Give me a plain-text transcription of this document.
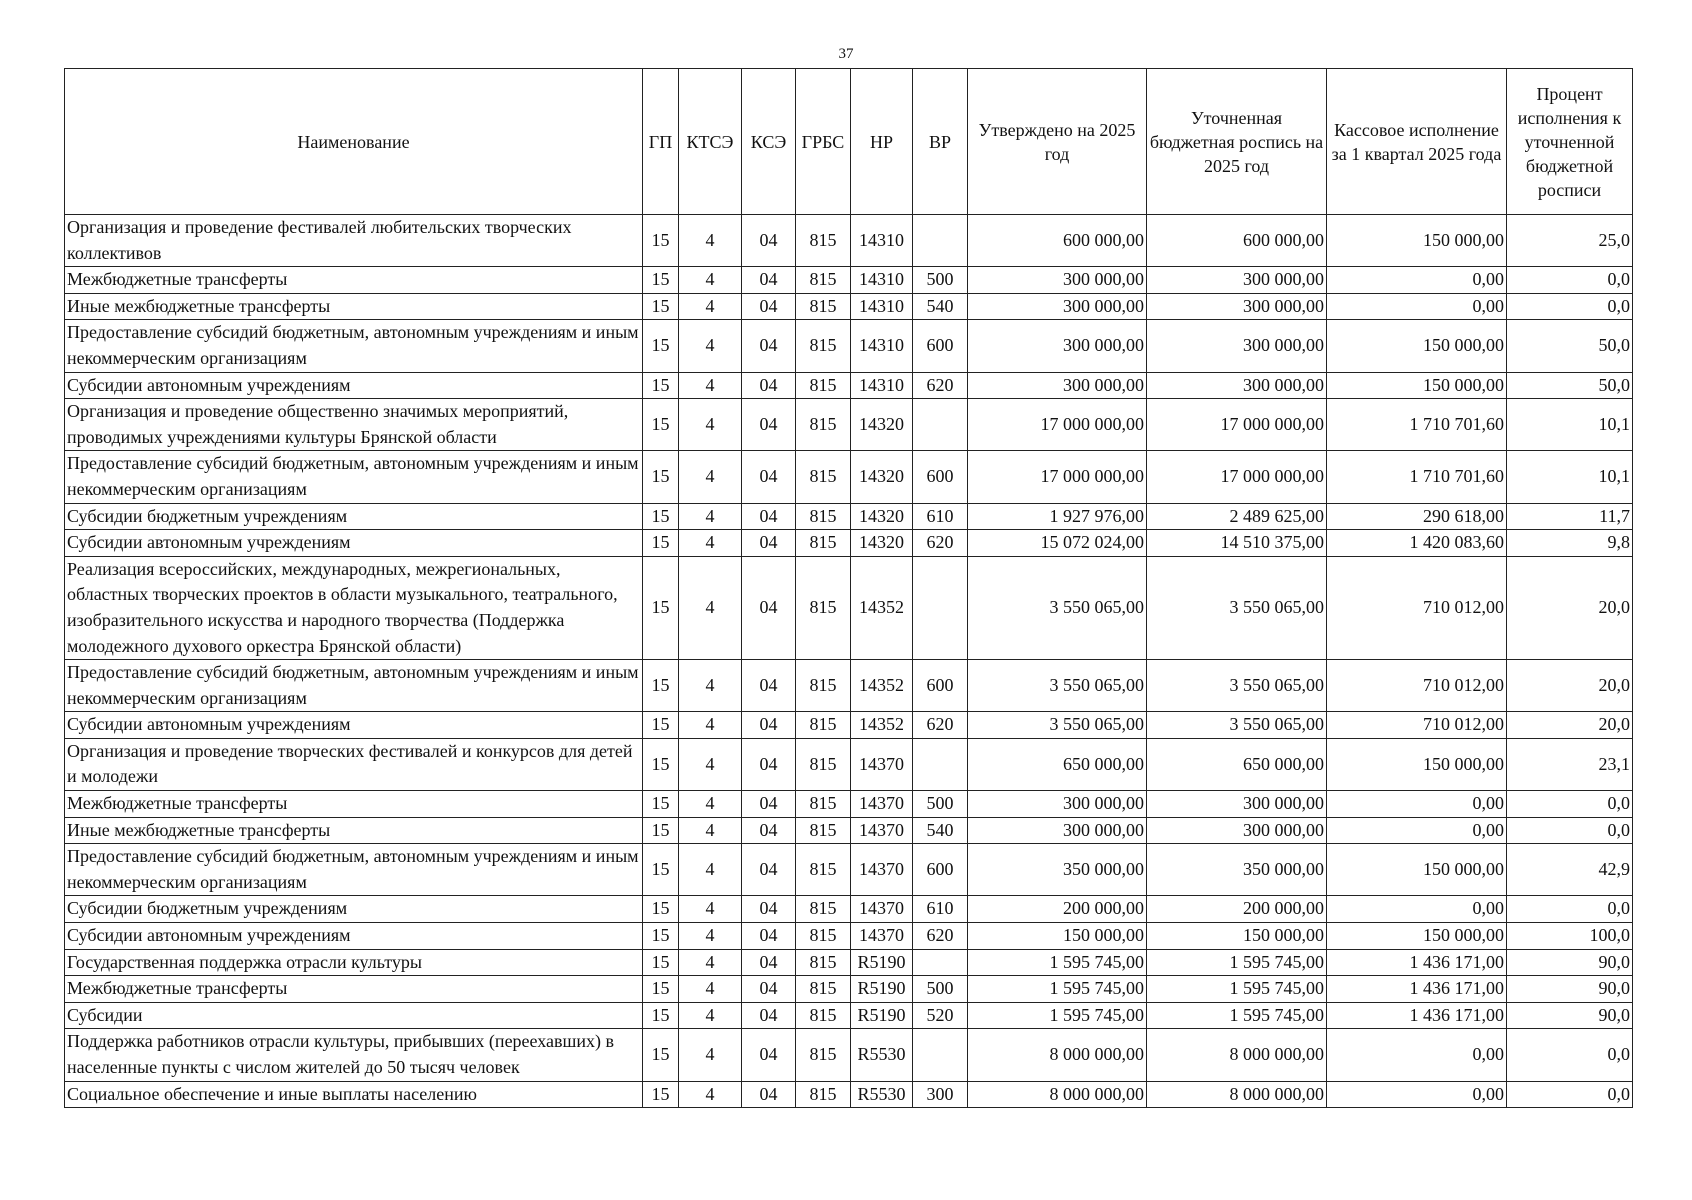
37
Наименование	ГП	КТСЭ	КСЭ	ГРБС	НР	ВР	Утверждено на 2025 год	Уточненная бюджетная роспись на 2025 год	Кассовое исполнение за 1 квартал 2025 года	Процент исполнения к уточненной бюджетной росписи
Организация и проведение фестивалей любительских творческих коллективов	15	4	04	815	14310		600 000,00	600 000,00	150 000,00	25,0
Межбюджетные трансферты	15	4	04	815	14310	500	300 000,00	300 000,00	0,00	0,0
Иные межбюджетные трансферты	15	4	04	815	14310	540	300 000,00	300 000,00	0,00	0,0
Предоставление субсидий бюджетным, автономным учреждениям и иным некоммерческим организациям	15	4	04	815	14310	600	300 000,00	300 000,00	150 000,00	50,0
Субсидии автономным учреждениям	15	4	04	815	14310	620	300 000,00	300 000,00	150 000,00	50,0
Организация и проведение общественно значимых мероприятий, проводимых учреждениями культуры Брянской области	15	4	04	815	14320		17 000 000,00	17 000 000,00	1 710 701,60	10,1
Предоставление субсидий бюджетным, автономным учреждениям и иным некоммерческим организациям	15	4	04	815	14320	600	17 000 000,00	17 000 000,00	1 710 701,60	10,1
Субсидии бюджетным учреждениям	15	4	04	815	14320	610	1 927 976,00	2 489 625,00	290 618,00	11,7
Субсидии автономным учреждениям	15	4	04	815	14320	620	15 072 024,00	14 510 375,00	1 420 083,60	9,8
Реализация всероссийских, международных, межрегиональных, областных творческих проектов в области музыкального, театрального, изобразительного искусства и народного творчества (Поддержка молодежного духового оркестра Брянской области)	15	4	04	815	14352		3 550 065,00	3 550 065,00	710 012,00	20,0
Предоставление субсидий бюджетным, автономным учреждениям и иным некоммерческим организациям	15	4	04	815	14352	600	3 550 065,00	3 550 065,00	710 012,00	20,0
Субсидии автономным учреждениям	15	4	04	815	14352	620	3 550 065,00	3 550 065,00	710 012,00	20,0
Организация и проведение творческих фестивалей и конкурсов для детей и молодежи	15	4	04	815	14370		650 000,00	650 000,00	150 000,00	23,1
Межбюджетные трансферты	15	4	04	815	14370	500	300 000,00	300 000,00	0,00	0,0
Иные межбюджетные трансферты	15	4	04	815	14370	540	300 000,00	300 000,00	0,00	0,0
Предоставление субсидий бюджетным, автономным учреждениям и иным некоммерческим организациям	15	4	04	815	14370	600	350 000,00	350 000,00	150 000,00	42,9
Субсидии бюджетным учреждениям	15	4	04	815	14370	610	200 000,00	200 000,00	0,00	0,0
Субсидии автономным учреждениям	15	4	04	815	14370	620	150 000,00	150 000,00	150 000,00	100,0
Государственная поддержка отрасли культуры	15	4	04	815	R5190		1 595 745,00	1 595 745,00	1 436 171,00	90,0
Межбюджетные трансферты	15	4	04	815	R5190	500	1 595 745,00	1 595 745,00	1 436 171,00	90,0
Субсидии	15	4	04	815	R5190	520	1 595 745,00	1 595 745,00	1 436 171,00	90,0
Поддержка работников отрасли культуры, прибывших (переехавших) в населенные пункты с числом жителей до 50 тысяч человек	15	4	04	815	R5530		8 000 000,00	8 000 000,00	0,00	0,0
Социальное обеспечение и иные выплаты населению	15	4	04	815	R5530	300	8 000 000,00	8 000 000,00	0,00	0,0
